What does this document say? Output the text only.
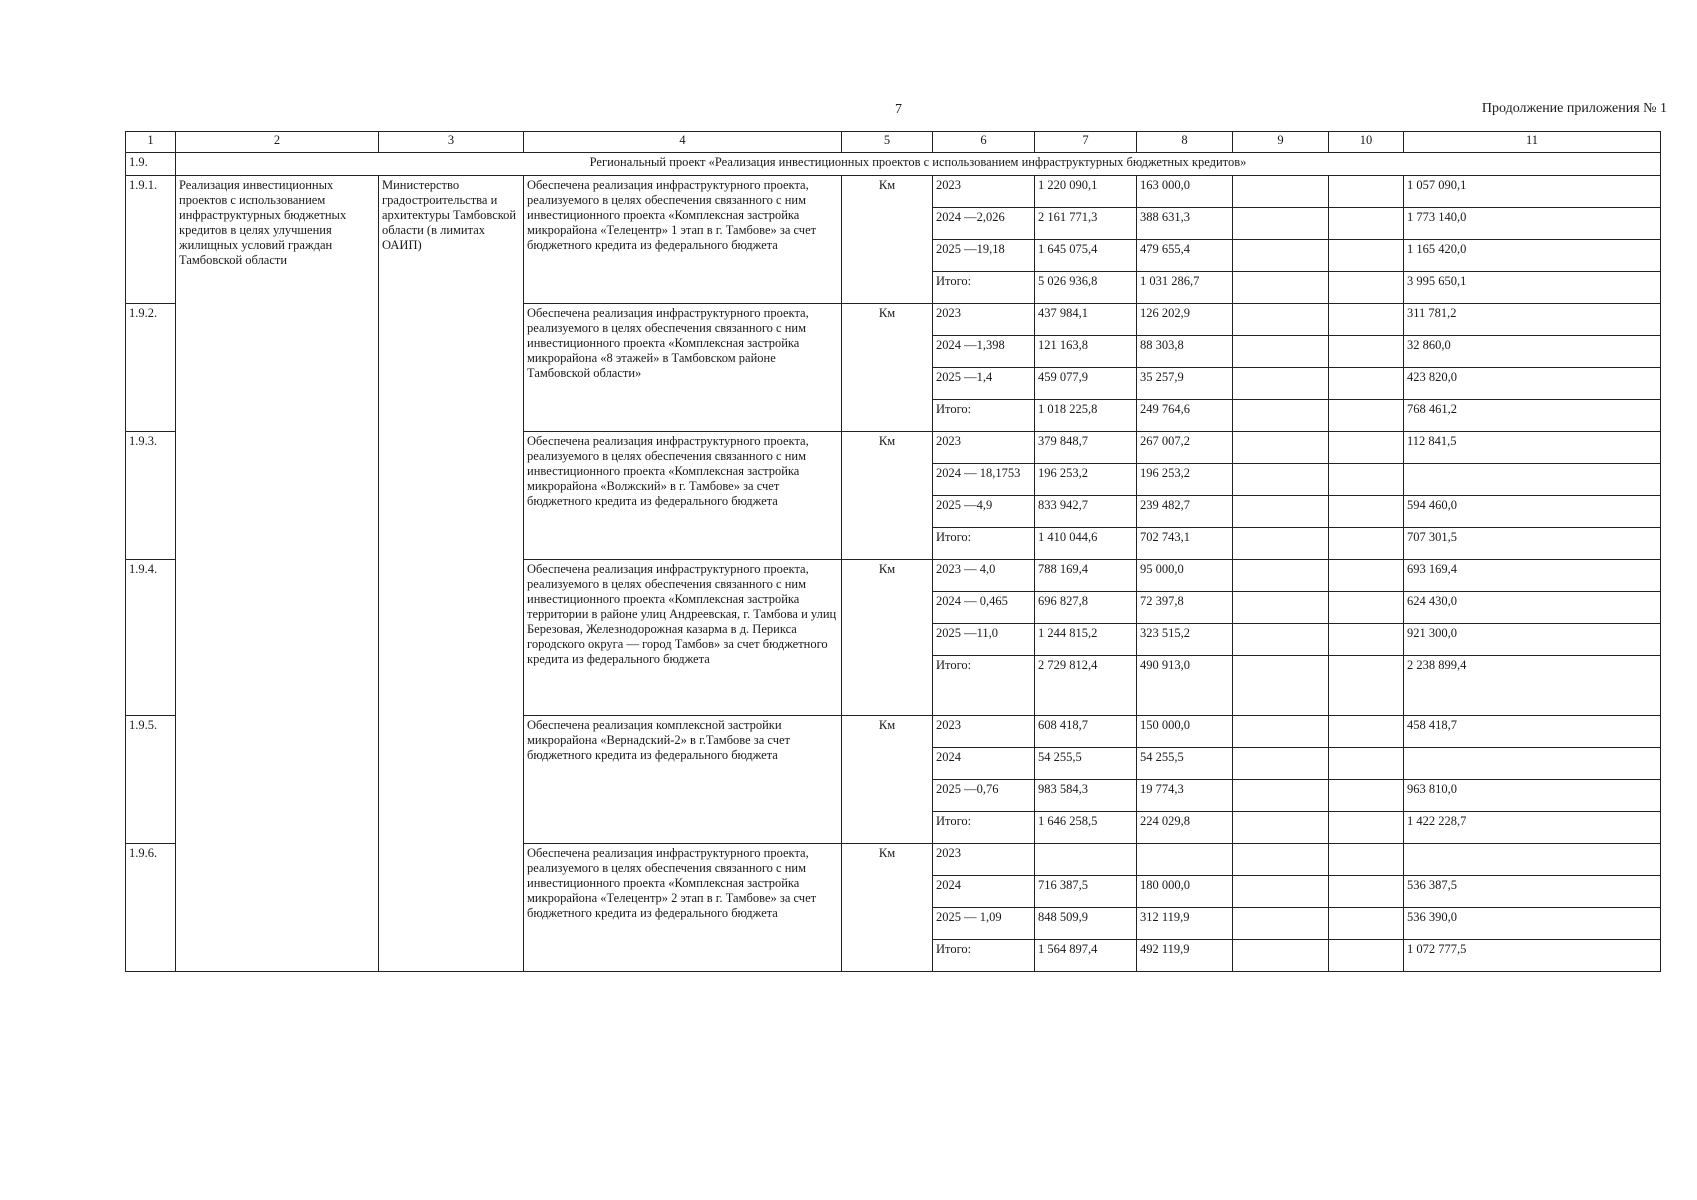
7	Продолжение приложения № 1
1	2	3	4	5	6	7	8	9	10	11
1.9.	Региональный проект «Реализация инвестиционных проектов с использованием инфраструктурных бюджетных кредитов»									
1.9.1.	Реализация инвестиционных проектов с использованием инфраструктурных бюджетных кредитов в целях улучшения жилищных условий граждан Тамбовской области	Министерство градостроительства и архитектуры Тамбовской области (в лимитах ОАИП)	Обеспечена реализация инфраструктурного проекта, реализуемого в целях обеспечения связанного с ним инвестиционного проекта «Комплексная застройка микрорайона «Телецентр» 1 этап в г. Тамбове» за счет бюджетного кредита из федерального бюджета	Км	2023	1 220 090,1	163 000,0			1 057 090,1
					2024 —2,026	2 161 771,3	388 631,3			1 773 140,0
					2025 —19,18	1 645 075,4	479 655,4			1 165 420,0
					Итого:	5 026 936,8	1 031 286,7			3 995 650,1
1.9.2.			Обеспечена реализация инфраструктурного проекта, реализуемого в целях обеспечения связанного с ним инвестиционного проекта «Комплексная застройка микрорайона «8 этажей» в Тамбовском районе Тамбовской области»	Км	2023	437 984,1	126 202,9			311 781,2
					2024 —1,398	121 163,8	88 303,8			32 860,0
					2025 —1,4	459 077,9	35 257,9			423 820,0
					Итого:	1 018 225,8	249 764,6			768 461,2
1.9.3.			Обеспечена реализация инфраструктурного проекта, реализуемого в целях обеспечения связанного с ним инвестиционного проекта «Комплексная застройка микрорайона «Волжский» в г. Тамбове» за счет бюджетного кредита из федерального бюджета	Км	2023	379 848,7	267 007,2			112 841,5
					2024 — 18,1753	196 253,2	196 253,2			
					2025 —4,9	833 942,7	239 482,7			594 460,0
					Итого:	1 410 044,6	702 743,1			707 301,5
1.9.4.			Обеспечена реализация инфраструктурного проекта, реализуемого в целях обеспечения связанного с ним инвестиционного проекта «Комплексная застройка территории в районе улиц Андреевская, г. Тамбова и улиц Березовая, Железнодорожная казарма в д. Перикса городского округа — город Тамбов» за счет бюджетного кредита из федерального бюджета	Км	2023 — 4,0	788 169,4	95 000,0			693 169,4
					2024 — 0,465	696 827,8	72 397,8			624 430,0
					2025 —11,0	1 244 815,2	323 515,2			921 300,0
					Итого:	2 729 812,4	490 913,0			2 238 899,4
1.9.5.			Обеспечена реализация комплексной застройки микрорайона «Вернадский-2» в г.Тамбове за счет бюджетного кредита из федерального бюджета	Км	2023	608 418,7	150 000,0			458 418,7
					2024	54 255,5	54 255,5			
					2025 —0,76	983 584,3	19 774,3			963 810,0
					Итого:	1 646 258,5	224 029,8			1 422 228,7
1.9.6.			Обеспечена реализация инфраструктурного проекта, реализуемого в целях обеспечения связанного с ним инвестиционного проекта «Комплексная застройка микрорайона «Телецентр» 2 этап в г. Тамбове» за счет бюджетного кредита из федерального бюджета	Км	2023					
					2024	716 387,5	180 000,0			536 387,5
					2025 — 1,09	848 509,9	312 119,9			536 390,0
					Итого:	1 564 897,4	492 119,9			1 072 777,5
